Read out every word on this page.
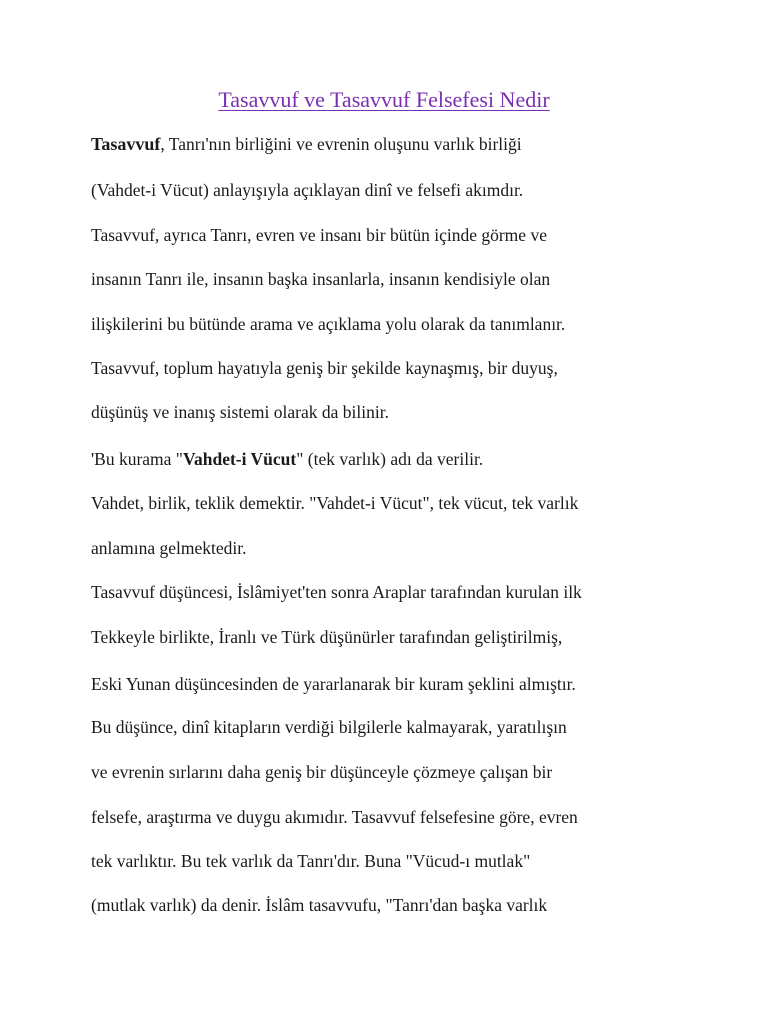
Tasavvuf ve Tasavvuf Felsefesi Nedir
Tasavvuf, Tanrı'nın birliğini ve evrenin oluşunu varlık birliği
(Vahdet-i Vücut) anlayışıyla açıklayan dinî ve felsefi akımdır.
Tasavvuf, ayrıca Tanrı, evren ve insanı bir bütün içinde görme ve
insanın Tanrı ile, insanın başka insanlarla, insanın kendisiyle olan
ilişkilerini bu bütünde arama ve açıklama yolu olarak da tanımlanır.
Tasavvuf, toplum hayatıyla geniş bir şekilde kaynaşmış, bir duyuş,
düşünüş ve inanış sistemi olarak da bilinir.
'Bu kurama "Vahdet-i Vücut" (tek varlık) adı da verilir.
Vahdet, birlik, teklik demektir. "Vahdet-i Vücut", tek vücut, tek varlık
anlamına gelmektedir.
Tasavvuf düşüncesi, İslâmiyet'ten sonra Araplar tarafından kurulan ilk
Tekkeyle birlikte, İranlı ve Türk düşünürler tarafından geliştirilmiş,
Eski Yunan düşüncesinden de yararlanarak bir kuram şeklini almıştır.
Bu düşünce, dinî kitapların verdiği bilgilerle kalmayarak, yaratılışın
ve evrenin sırlarını daha geniş bir düşünceyle çözmeye çalışan bir
felsefe, araştırma ve duygu akımıdır. Tasavvuf felsefesine göre, evren
tek varlıktır. Bu tek varlık da Tanrı'dır. Buna "Vücud-ı mutlak"
(mutlak varlık) da denir. İslâm tasavvufu, "Tanrı'dan başka varlık
